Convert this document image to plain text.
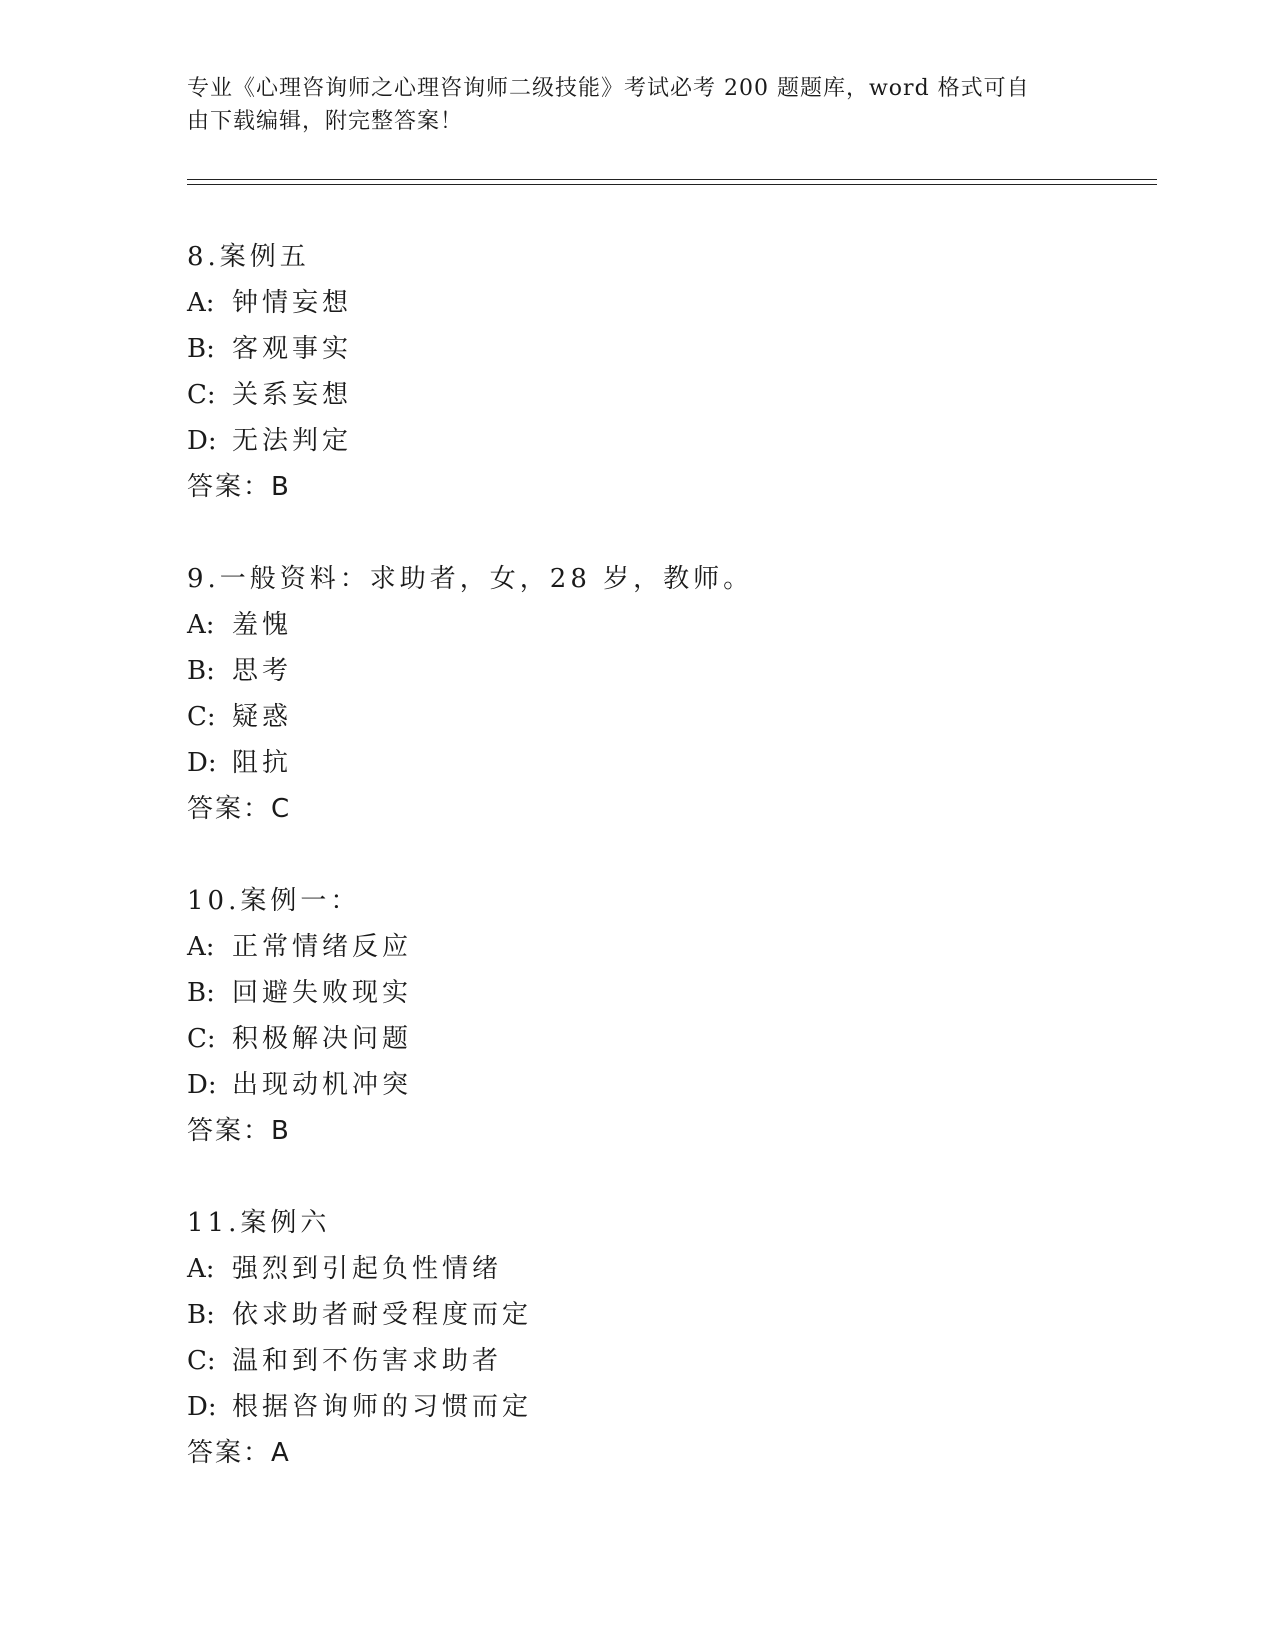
专业《心理咨询师之心理咨询师二级技能》考试必考 200 题题库，word 格式可自
由下载编辑，附完整答案！
8.案例五
A: 钟情妄想
B: 客观事实
C: 关系妄想
D: 无法判定
答案：B
9.一般资料：求助者，女，28 岁，教师。
A: 羞愧
B: 思考
C: 疑惑
D: 阻抗
答案：C
10.案例一：
A: 正常情绪反应
B: 回避失败现实
C: 积极解决问题
D: 出现动机冲突
答案：B
11.案例六
A: 强烈到引起负性情绪
B: 依求助者耐受程度而定
C: 温和到不伤害求助者
D: 根据咨询师的习惯而定
答案：A
